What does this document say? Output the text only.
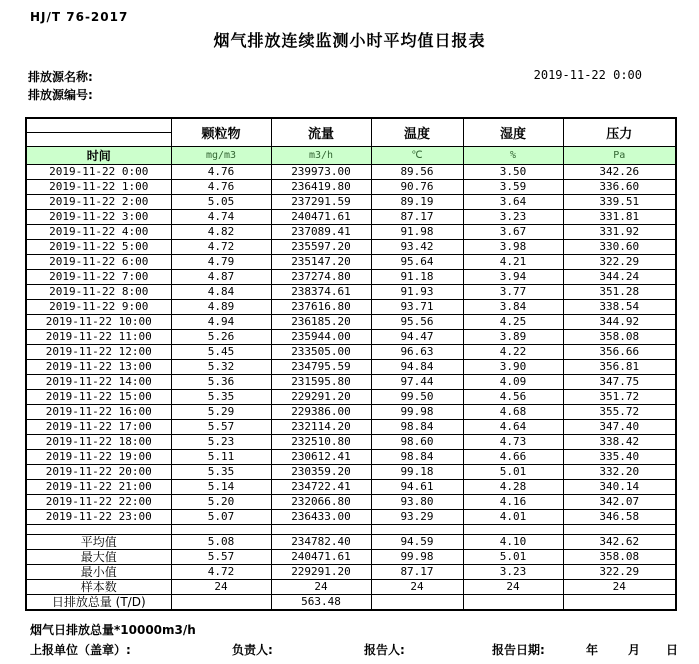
HJ/T 76-2017
烟气排放连续监测小时平均值日报表
排放源名称:
排放源编号:
2019-11-22 0:00
	颗粒物	流量	温度	湿度	压力

时间	mg/m3	m3/h	℃	%	Pa
2019-11-22 0:00	4.76	239973.00	89.56	3.50	342.26
2019-11-22 1:00	4.76	236419.80	90.76	3.59	336.60
2019-11-22 2:00	5.05	237291.59	89.19	3.64	339.51
2019-11-22 3:00	4.74	240471.61	87.17	3.23	331.81
2019-11-22 4:00	4.82	237089.41	91.98	3.67	331.92
2019-11-22 5:00	4.72	235597.20	93.42	3.98	330.60
2019-11-22 6:00	4.79	235147.20	95.64	4.21	322.29
2019-11-22 7:00	4.87	237274.80	91.18	3.94	344.24
2019-11-22 8:00	4.84	238374.61	91.93	3.77	351.28
2019-11-22 9:00	4.89	237616.80	93.71	3.84	338.54
2019-11-22 10:00	4.94	236185.20	95.56	4.25	344.92
2019-11-22 11:00	5.26	235944.00	94.47	3.89	358.08
2019-11-22 12:00	5.45	233505.00	96.63	4.22	356.66
2019-11-22 13:00	5.32	234795.59	94.84	3.90	356.81
2019-11-22 14:00	5.36	231595.80	97.44	4.09	347.75
2019-11-22 15:00	5.35	229291.20	99.50	4.56	351.72
2019-11-22 16:00	5.29	229386.00	99.98	4.68	355.72
2019-11-22 17:00	5.57	232114.20	98.84	4.64	347.40
2019-11-22 18:00	5.23	232510.80	98.60	4.73	338.42
2019-11-22 19:00	5.11	230612.41	98.84	4.66	335.40
2019-11-22 20:00	5.35	230359.20	99.18	5.01	332.20
2019-11-22 21:00	5.14	234722.41	94.61	4.28	340.14
2019-11-22 22:00	5.20	232066.80	93.80	4.16	342.07
2019-11-22 23:00	5.07	236433.00	93.29	4.01	346.58

平均值	5.08	234782.40	94.59	4.10	342.62
最大值	5.57	240471.61	99.98	5.01	358.08
最小值	4.72	229291.20	87.17	3.23	322.29
样本数	24	24	24	24	24
日排放总量 (T/D)		563.48			
烟气日排放总量*10000m3/h
上报单位（盖章）:	负责人:	报告人:	报告日期:	年 月 日
